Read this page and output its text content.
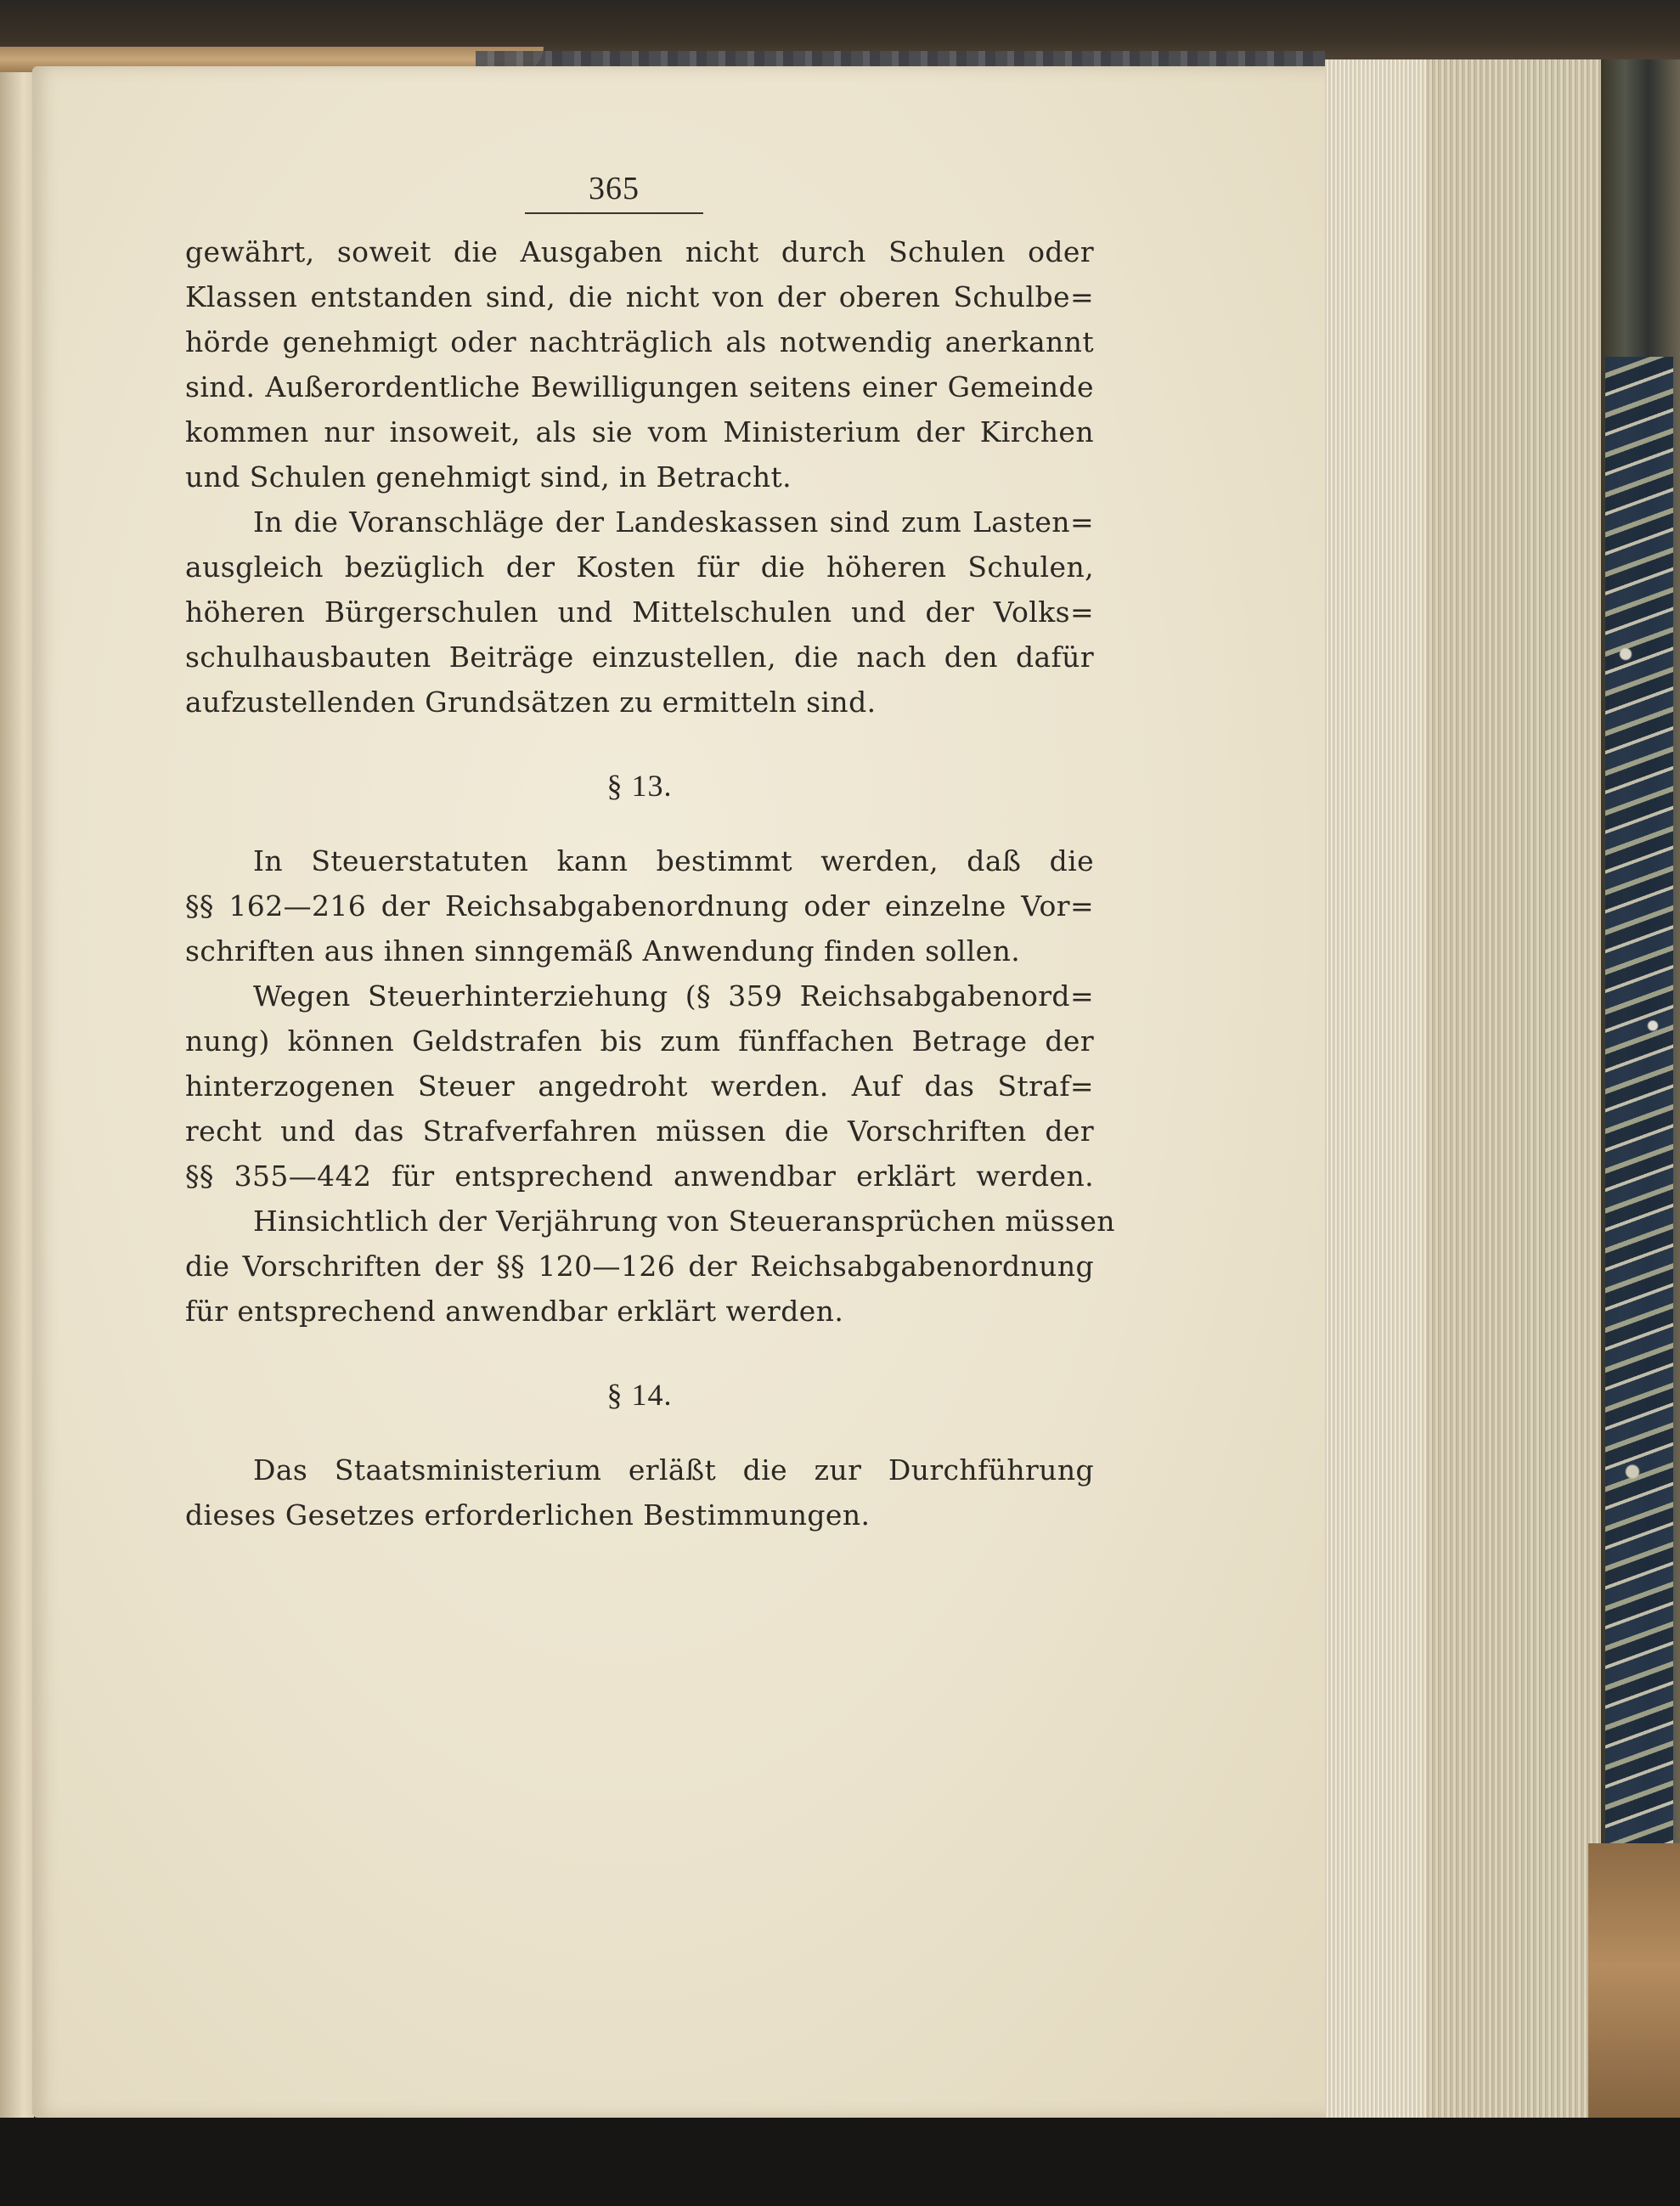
365
gewährt, soweit die Ausgaben nicht durch Schulen oder
Klassen entstanden sind, die nicht von der oberen Schulbe=
hörde genehmigt oder nachträglich als notwendig anerkannt
sind. Außerordentliche Bewilligungen seitens einer Gemeinde
kommen nur insoweit, als sie vom Ministerium der Kirchen
und Schulen genehmigt sind, in Betracht.
In die Voranschläge der Landeskassen sind zum Lasten=
ausgleich bezüglich der Kosten für die höheren Schulen,
höheren Bürgerschulen und Mittelschulen und der Volks=
schulhausbauten Beiträge einzustellen, die nach den dafür
aufzustellenden Grundsätzen zu ermitteln sind.
§ 13.
In Steuerstatuten kann bestimmt werden, daß die
§§ 162—216 der Reichsabgabenordnung oder einzelne Vor=
schriften aus ihnen sinngemäß Anwendung finden sollen.
Wegen Steuerhinterziehung (§ 359 Reichsabgabenord=
nung) können Geldstrafen bis zum fünffachen Betrage der
hinterzogenen Steuer angedroht werden. Auf das Straf=
recht und das Strafverfahren müssen die Vorschriften der
§§ 355—442 für entsprechend anwendbar erklärt werden.
Hinsichtlich der Verjährung von Steueransprüchen müssen
die Vorschriften der §§ 120—126 der Reichsabgabenordnung
für entsprechend anwendbar erklärt werden.
§ 14.
Das Staatsministerium erläßt die zur Durchführung
dieses Gesetzes erforderlichen Bestimmungen.
